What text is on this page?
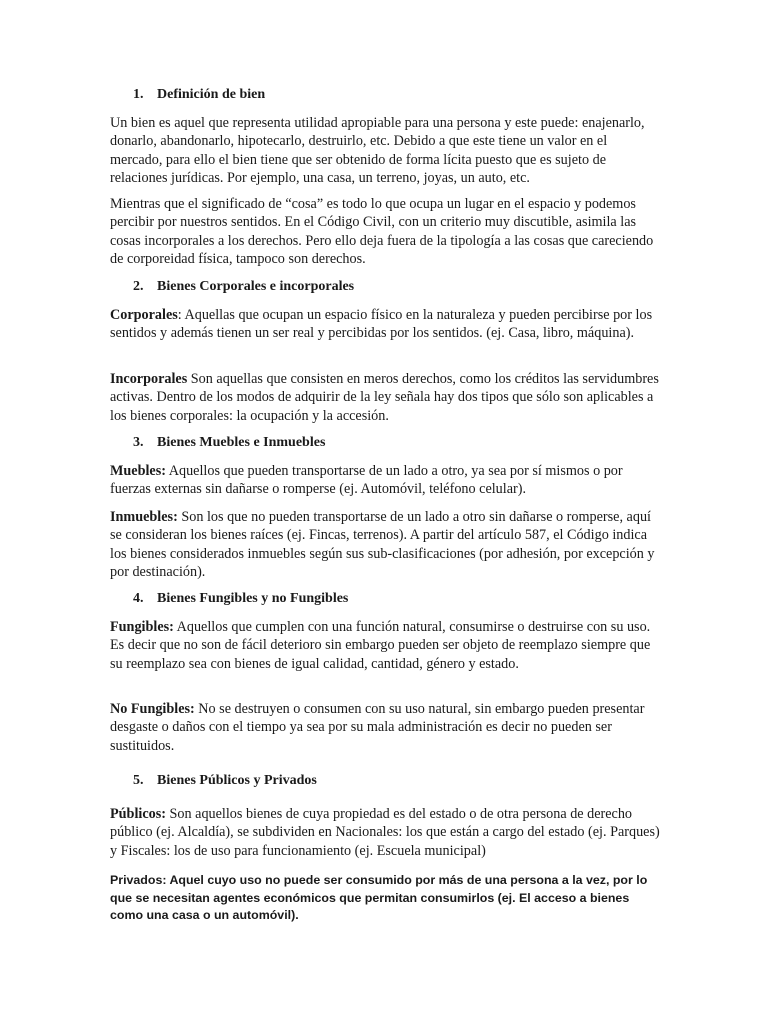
1. Definición de bien

Un bien es aquel que representa utilidad apropiable para una persona y este puede: enajenarlo, donarlo, abandonarlo, hipotecarlo, destruirlo, etc. Debido a que este tiene un valor en el mercado, para ello el bien tiene que ser obtenido de forma lícita puesto que es sujeto de relaciones jurídicas. Por ejemplo, una casa, un terreno, joyas, un auto, etc.

Mientras que el significado de “cosa” es todo lo que ocupa un lugar en el espacio y podemos percibir por nuestros sentidos. En el Código Civil, con un criterio muy discutible, asimila las cosas incorporales a los derechos. Pero ello deja fuera de la tipología a las cosas que careciendo de corporeidad física, tampoco son derechos.

2. Bienes Corporales e incorporales

Corporales: Aquellas que ocupan un espacio físico en la naturaleza y pueden percibirse por los sentidos y además tienen un ser real y percibidas por los sentidos. (ej. Casa, libro, máquina).

Incorporales Son aquellas que consisten en meros derechos, como los créditos las servidumbres activas. Dentro de los modos de adquirir de la ley señala hay dos tipos que sólo son aplicables a los bienes corporales: la ocupación y la accesión.

3. Bienes Muebles e Inmuebles

Muebles: Aquellos que pueden transportarse de un lado a otro, ya sea por sí mismos o por fuerzas externas sin dañarse o romperse (ej. Automóvil, teléfono celular).

Inmuebles: Son los que no pueden transportarse de un lado a otro sin dañarse o romperse, aquí se consideran los bienes raíces (ej. Fincas, terrenos). A partir del artículo 587, el Código indica los bienes considerados inmuebles según sus sub-clasificaciones (por adhesión, por excepción y por destinación).

4. Bienes Fungibles y no Fungibles

Fungibles: Aquellos que cumplen con una función natural, consumirse o destruirse con su uso. Es decir que no son de fácil deterioro sin embargo pueden ser objeto de reemplazo siempre que su reemplazo sea con bienes de igual calidad, cantidad, género y estado.

No Fungibles: No se destruyen o consumen con su uso natural, sin embargo pueden presentar desgaste o daños con el tiempo ya sea por su mala administración es decir no pueden ser sustituidos.

5. Bienes Públicos y Privados

Públicos: Son aquellos bienes de cuya propiedad es del estado o de otra persona de derecho público (ej. Alcaldía), se subdividen en Nacionales: los que están a cargo del estado (ej. Parques) y Fiscales: los de uso para funcionamiento (ej. Escuela municipal)

Privados: Aquel cuyo uso no puede ser consumido por más de una persona a la vez, por lo que se necesitan agentes económicos que permitan consumirlos (ej. El acceso a bienes como una casa o un automóvil).
